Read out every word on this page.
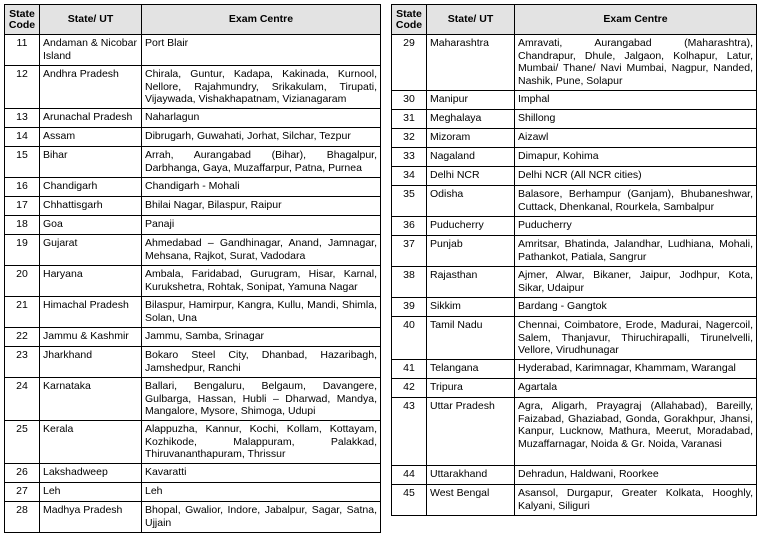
State Code	State/ UT	Exam Centre
11	Andaman & Nicobar Island	Port Blair
12	Andhra Pradesh	Chirala, Guntur, Kadapa, Kakinada, Kurnool, Nellore, Rajahmundry, Srikakulam, Tirupati, Vijaywada, Vishakhapatnam, Vizianagaram
13	Arunachal Pradesh	Naharlagun
14	Assam	Dibrugarh, Guwahati, Jorhat, Silchar, Tezpur
15	Bihar	Arrah, Aurangabad (Bihar), Bhagalpur, Darbhanga, Gaya, Muzaffarpur, Patna, Purnea
16	Chandigarh	Chandigarh - Mohali
17	Chhattisgarh	Bhilai Nagar, Bilaspur, Raipur
18	Goa	Panaji
19	Gujarat	Ahmedabad – Gandhinagar, Anand, Jamnagar, Mehsana, Rajkot, Surat, Vadodara
20	Haryana	Ambala, Faridabad, Gurugram, Hisar, Karnal, Kurukshetra, Rohtak, Sonipat, Yamuna Nagar
21	Himachal Pradesh	Bilaspur, Hamirpur, Kangra, Kullu, Mandi, Shimla, Solan, Una
22	Jammu & Kashmir	Jammu, Samba, Srinagar
23	Jharkhand	Bokaro Steel City, Dhanbad, Hazaribagh, Jamshedpur, Ranchi
24	Karnataka	Ballari, Bengaluru, Belgaum, Davangere, Gulbarga, Hassan, Hubli – Dharwad, Mandya, Mangalore, Mysore, Shimoga, Udupi
25	Kerala	Alappuzha, Kannur, Kochi, Kollam, Kottayam, Kozhikode, Malappuram, Palakkad, Thiruvananthapuram, Thrissur
26	Lakshadweep	Kavaratti
27	Leh	Leh
28	Madhya Pradesh	Bhopal, Gwalior, Indore, Jabalpur, Sagar, Satna, Ujjain
State Code	State/ UT	Exam Centre
29	Maharashtra	Amravati, Aurangabad (Maharashtra), Chandrapur, Dhule, Jalgaon, Kolhapur, Latur, Mumbai/ Thane/ Navi Mumbai, Nagpur, Nanded, Nashik, Pune, Solapur
30	Manipur	Imphal
31	Meghalaya	Shillong
32	Mizoram	Aizawl
33	Nagaland	Dimapur, Kohima
34	Delhi NCR	Delhi NCR (All NCR cities)
35	Odisha	Balasore, Berhampur (Ganjam), Bhubaneshwar, Cuttack, Dhenkanal, Rourkela, Sambalpur
36	Puducherry	Puducherry
37	Punjab	Amritsar, Bhatinda, Jalandhar, Ludhiana, Mohali, Pathankot, Patiala, Sangrur
38	Rajasthan	Ajmer, Alwar, Bikaner, Jaipur, Jodhpur, Kota, Sikar, Udaipur
39	Sikkim	Bardang - Gangtok
40	Tamil Nadu	Chennai, Coimbatore, Erode, Madurai, Nagercoil, Salem, Thanjavur, Thiruchirapalli, Tirunelvelli, Vellore, Virudhunagar
41	Telangana	Hyderabad, Karimnagar, Khammam, Warangal
42	Tripura	Agartala
43	Uttar Pradesh	Agra, Aligarh, Prayagraj (Allahabad), Bareilly, Faizabad, Ghaziabad, Gonda, Gorakhpur, Jhansi, Kanpur, Lucknow, Mathura, Meerut, Moradabad, Muzaffarnagar, Noida & Gr. Noida, Varanasi
44	Uttarakhand	Dehradun, Haldwani, Roorkee
45	West Bengal	Asansol, Durgapur, Greater Kolkata, Hooghly, Kalyani, Siliguri
